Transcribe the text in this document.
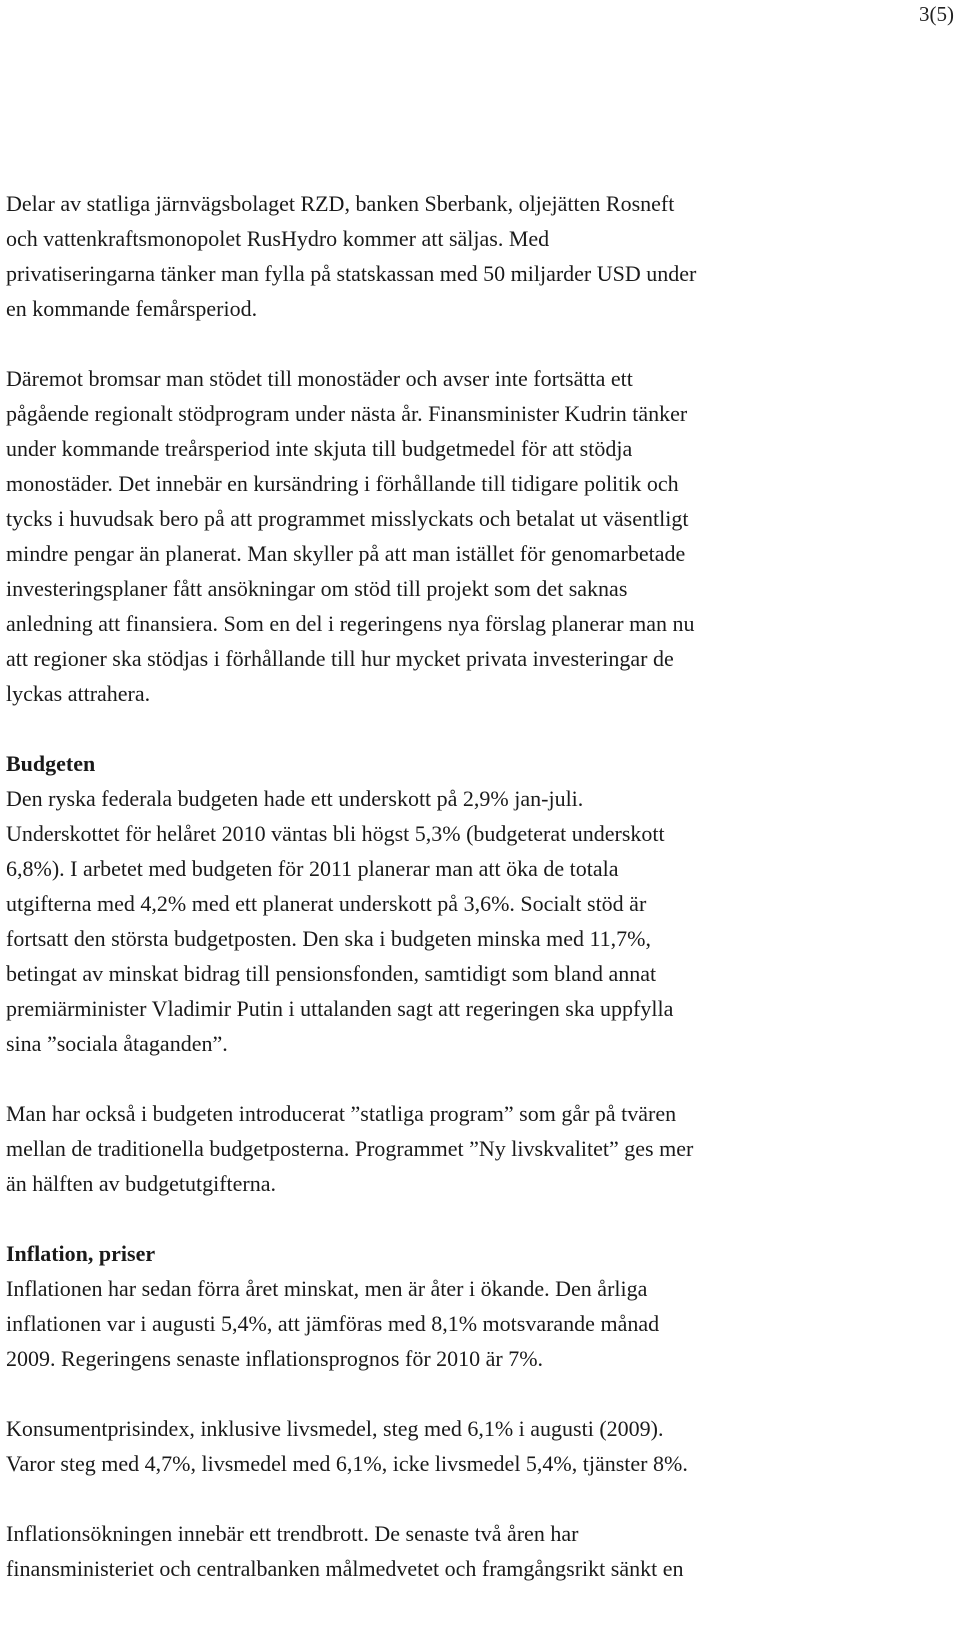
3(5)

Delar av statliga järnvägsbolaget RZD, banken Sberbank, oljejätten Rosneft
och vattenkraftsmonopolet RusHydro kommer att säljas. Med
privatiseringarna tänker man fylla på statskassan med 50 miljarder USD under
en kommande femårsperiod.

Däremot bromsar man stödet till monostäder och avser inte fortsätta ett
pågående regionalt stödprogram under nästa år. Finansminister Kudrin tänker
under kommande treårsperiod inte skjuta till budgetmedel för att stödja
monostäder. Det innebär en kursändring i förhållande till tidigare politik och
tycks i huvudsak bero på att programmet misslyckats och betalat ut väsentligt
mindre pengar än planerat. Man skyller på att man istället för genomarbetade
investeringsplaner fått ansökningar om stöd till projekt som det saknas
anledning att finansiera. Som en del i regeringens nya förslag planerar man nu
att regioner ska stödjas i förhållande till hur mycket privata investeringar de
lyckas attrahera.

Budgeten

Den ryska federala budgeten hade ett underskott på 2,9% jan-juli.
Underskottet för helåret 2010 väntas bli högst 5,3% (budgeterat underskott
6,8%). I arbetet med budgeten för 2011 planerar man att öka de totala
utgifterna med 4,2% med ett planerat underskott på 3,6%. Socialt stöd är
fortsatt den största budgetposten. Den ska i budgeten minska med 11,7%,
betingat av minskat bidrag till pensionsfonden, samtidigt som bland annat
premiärminister Vladimir Putin i uttalanden sagt att regeringen ska uppfylla
sina ”sociala åtaganden”.

Man har också i budgeten introducerat ”statliga program” som går på tvären
mellan de traditionella budgetposterna. Programmet ”Ny livskvalitet” ges mer
än hälften av budgetutgifterna.

Inflation, priser

Inflationen har sedan förra året minskat, men är åter i ökande. Den årliga
inflationen var i augusti 5,4%, att jämföras med 8,1% motsvarande månad
2009. Regeringens senaste inflationsprognos för 2010 är 7%.

Konsumentprisindex, inklusive livsmedel, steg med 6,1% i augusti (2009).
Varor steg med 4,7%, livsmedel med 6,1%, icke livsmedel 5,4%, tjänster 8%.

Inflationsökningen innebär ett trendbrott. De senaste två åren har
finansministeriet och centralbanken målmedvetet och framgångsrikt sänkt en
